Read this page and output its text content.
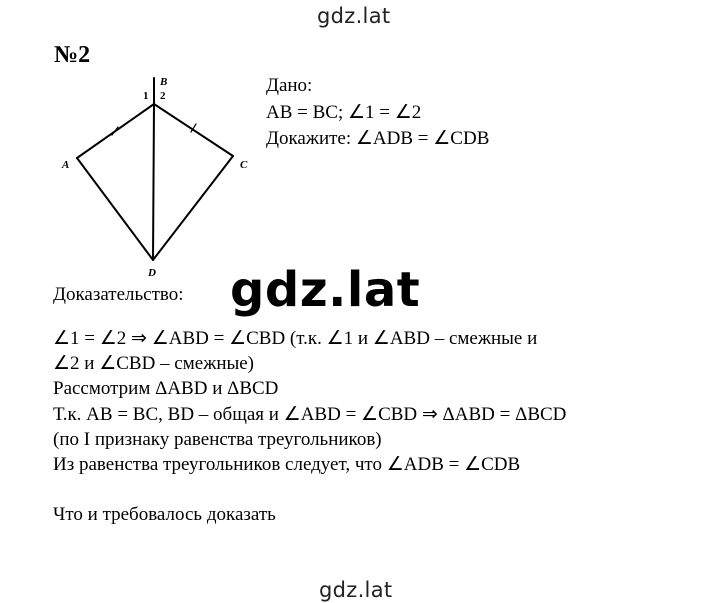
gdz.lat
№2
B
A	C
D
1 2	Дано:
AB = BC; ∠1 = ∠2
Докажите: ∠ADB = ∠CDB
gdz.lat
Доказательство:
∠1 = ∠2 ⇒ ∠ABD = ∠CBD (т.к. ∠1 и ∠ABD – смежные и
∠2 и ∠CBD – смежные)
Рассмотрим ΔABD и ΔBCD
Т.к. AB = BC, BD – общая и ∠ABD = ∠CBD ⇒ ΔABD = ΔBCD
(по I признаку равенства треугольников)
Из равенства треугольников следует, что ∠ADB = ∠CDB
Что и требовалось доказать
gdz.lat
